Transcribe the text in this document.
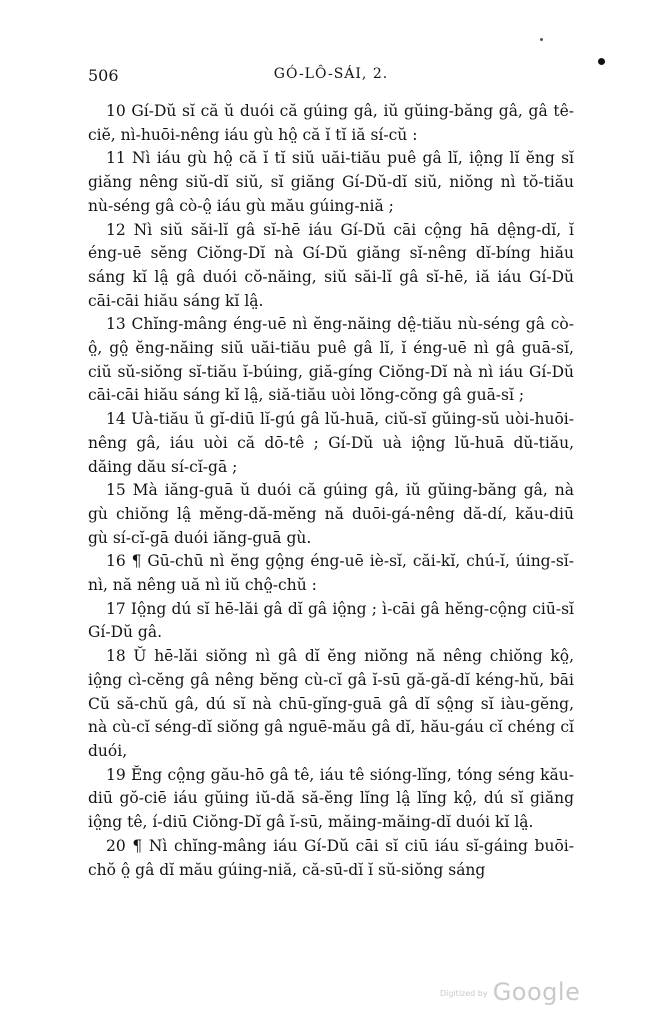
506	GÓ-LÔ-SÁI, 2.

10 Gí-Dŭ sĭ că ŭ duói că gúing gâ, iŭ gŭing-băng gâ, gâ tê-ciĕ, nì-huōi-nêng iáu gù hô̤ că ĭ tĭ iă sí-cŭ :

11 Nì iáu gù hô̤ că ĭ tĭ siŭ uăi-tiău puê gâ lĭ, iô̤ng lĭ ĕng sĭ giăng nêng siŭ-dĭ siŭ, sĭ giăng Gí-Dŭ-dĭ siŭ, niŏng nì tŏ-tiău nù-séng gâ cò-ô̤ iáu gù mău gúing-niă ;

12 Nì siŭ săi-lĭ gâ sĭ-hē iáu Gí-Dŭ cāi cô̤ng hā dê̤ng-dĭ, ĭ éng-uē sĕng Ciŏng-Dĭ nà Gí-Dŭ giăng sĭ-nêng dĭ-bíng hiău sáng kĭ lâ̤ gâ duói cŏ-năing, siŭ săi-lĭ gâ sĭ-hē, iă iáu Gí-Dŭ cāi-cāi hiău sáng kĭ lâ̤.

13 Chĭng-mâng éng-uē nì ĕng-năing dê̤-tiău nù-séng gâ cò-ô̤, gô̤ ĕng-năing siŭ uăi-tiău puê gâ lĭ, ĭ éng-uē nì gâ guā-sĭ, ciŭ sŭ-siŏng sĭ-tiău ĭ-búing, giă-gíng Ciŏng-Dĭ nà nì iáu Gí-Dŭ cāi-cāi hiău sáng kĭ lâ̤, siă-tiău uòi lŏng-cŏng gâ guā-sĭ ;

14 Uà-tiău ŭ gĭ-diū lĭ-gú gâ lŭ-huā, ciŭ-sĭ gŭing-sŭ uòi-huōi-nêng gâ, iáu uòi că dō-tê ; Gí-Dŭ uà iô̤ng lŭ-huā dŭ-tiău, dăing dău sí-cĭ-gā ;

15 Mà iăng-guā ŭ duói că gúing gâ, iŭ gŭing-băng gâ, nà gù chiŏng lâ̤ mĕng-dă-mĕng nă duōi-gá-nêng dă-dí, kău-diū gù sí-cĭ-gā duói iăng-guā gù.

16 ¶ Gū-chū nì ĕng gô̤ng éng-uē iè-sĭ, căi-kĭ, chú-ĭ, úing-sĭ-nì, nă nêng uă nì iŭ chô̤-chŭ :

17 Iô̤ng dú sĭ hē-lăi gâ dĭ gâ iô̤ng ; ì-cāi gâ hĕng-cô̤ng ciū-sĭ Gí-Dŭ gâ.

18 Ŭ hē-lăi siŏng nì gâ dĭ ĕng niŏng nă nêng chiŏng kô̤, iô̤ng cì-cĕng gâ nêng bĕng cù-cĭ gâ ĭ-sū gă-gă-dĭ kéng-hŭ, bāi Cŭ să-chŭ gâ, dú sĭ nà chū-gĭng-guā gâ dĭ sô̤ng sĭ iàu-gĕng, nà cù-cĭ séng-dĭ siŏng gâ nguē-mău gâ dĭ, hău-gáu cĭ chéng cĭ duói,

19 Ĕng cô̤ng gău-hō gâ tê, iáu tê sióng-lĭng, tóng séng kău-diū gŏ-ciē iáu gŭing iŭ-dă să-ĕng lĭng lâ̤ lĭng kô̤, dú sĭ giăng iô̤ng tê, í-diū Ciŏng-Dĭ gâ ĭ-sū, măing-măing-dĭ duói kĭ lâ̤.

20 ¶ Nì chĭng-mâng iáu Gí-Dŭ cāi sĭ ciū iáu sĭ-gáing buōi-chŏ ô̤ gâ dĭ mău gúing-niă, că-sū-dĭ ĭ sŭ-siŏng sáng

$^{Digitized by}$ Google
